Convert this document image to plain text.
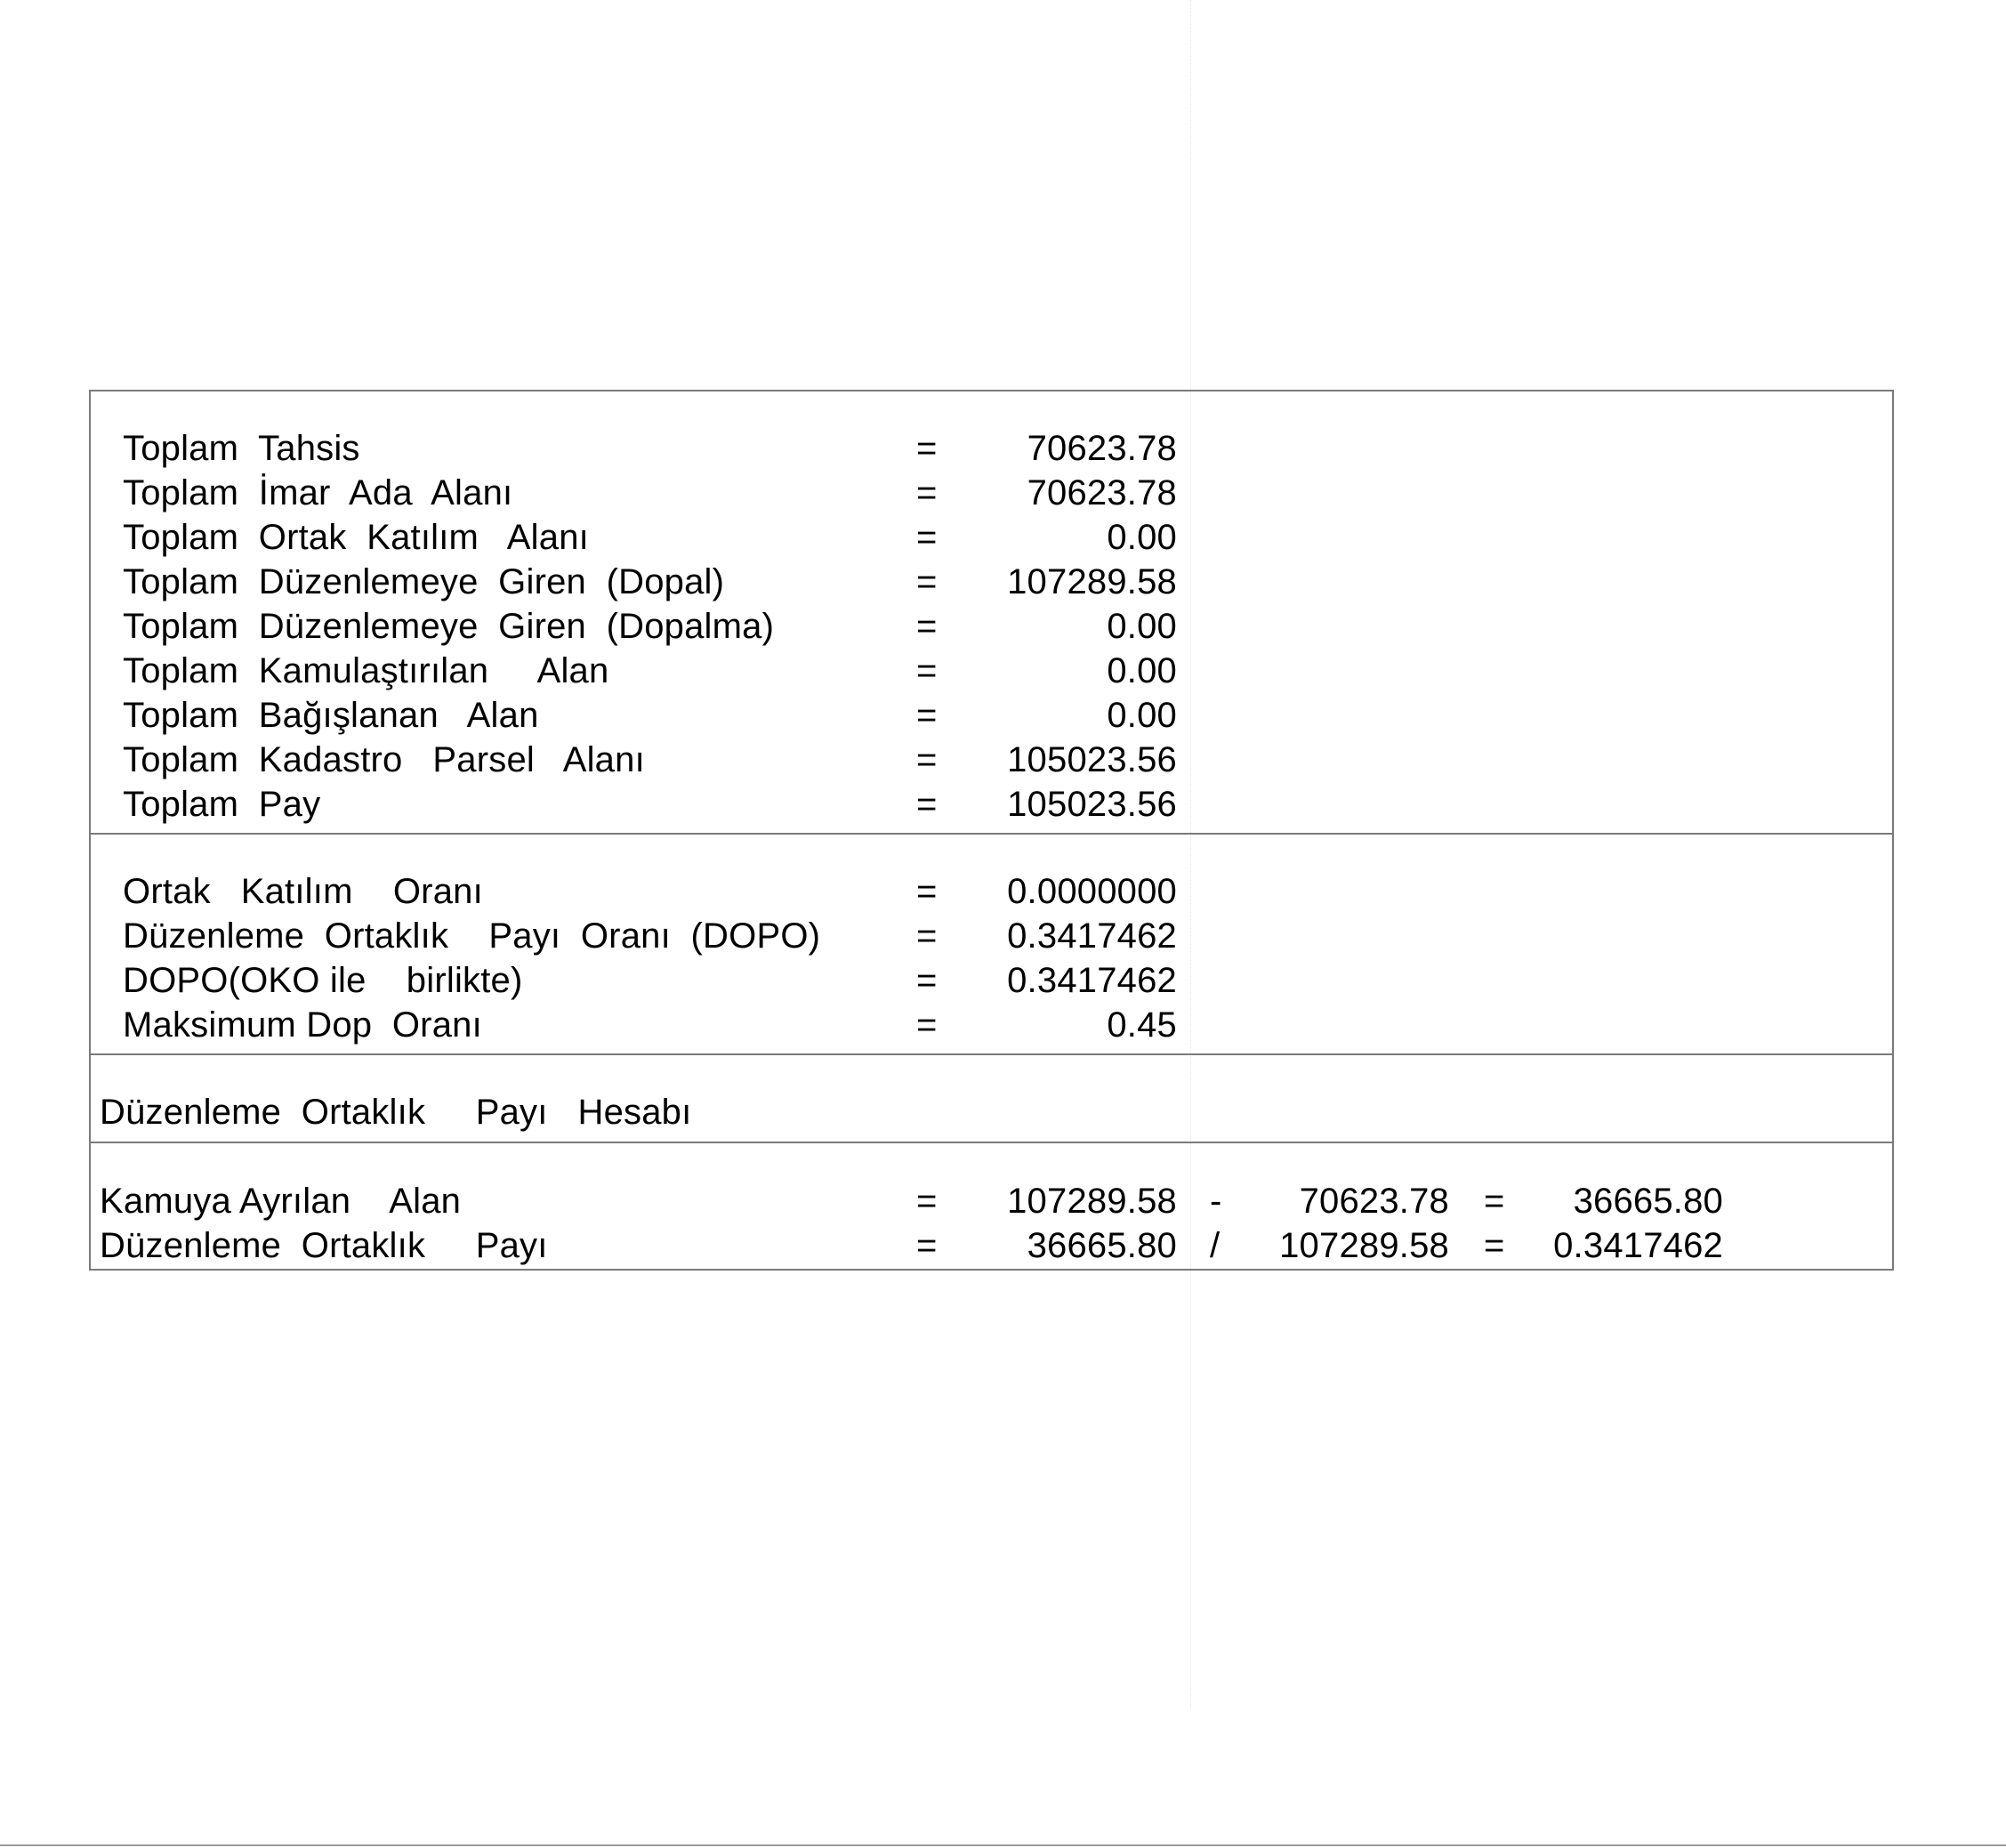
Toplam  Tahsis	=	70623.78
Toplam  İmar  Ada  Alanı	=	70623.78
Toplam  Ortak  Katılım   Alanı	=	0.00
Toplam  Düzenlemeye  Giren  (Dopal)	= 107289.58
Toplam  Düzenlemeye  Giren  (Dopalma)	=	0.00
Toplam  Kamulaştırılan     Alan	=	0.00
Toplam  Bağışlanan   Alan	=	0.00
Toplam  Kadastro   Parsel   Alanı	= 105023.56
Toplam  Pay	= 105023.56
Ortak   Katılım    Oranı	= 0.0000000
Düzenleme  Ortaklık    Payı  Oranı  (DOPO)	= 0.3417462
DOPO(OKO ile    birlikte)	= 0.3417462
Maksimum Dop  Oranı	=	0.45
Düzenleme  Ortaklık     Payı   Hesabı
Kamuya Ayrılan    Alan	= 107289.58 - 70623.78 = 36665.80
Düzenleme  Ortaklık     Payı	=	36665.80 / 107289.58 = 0.3417462
